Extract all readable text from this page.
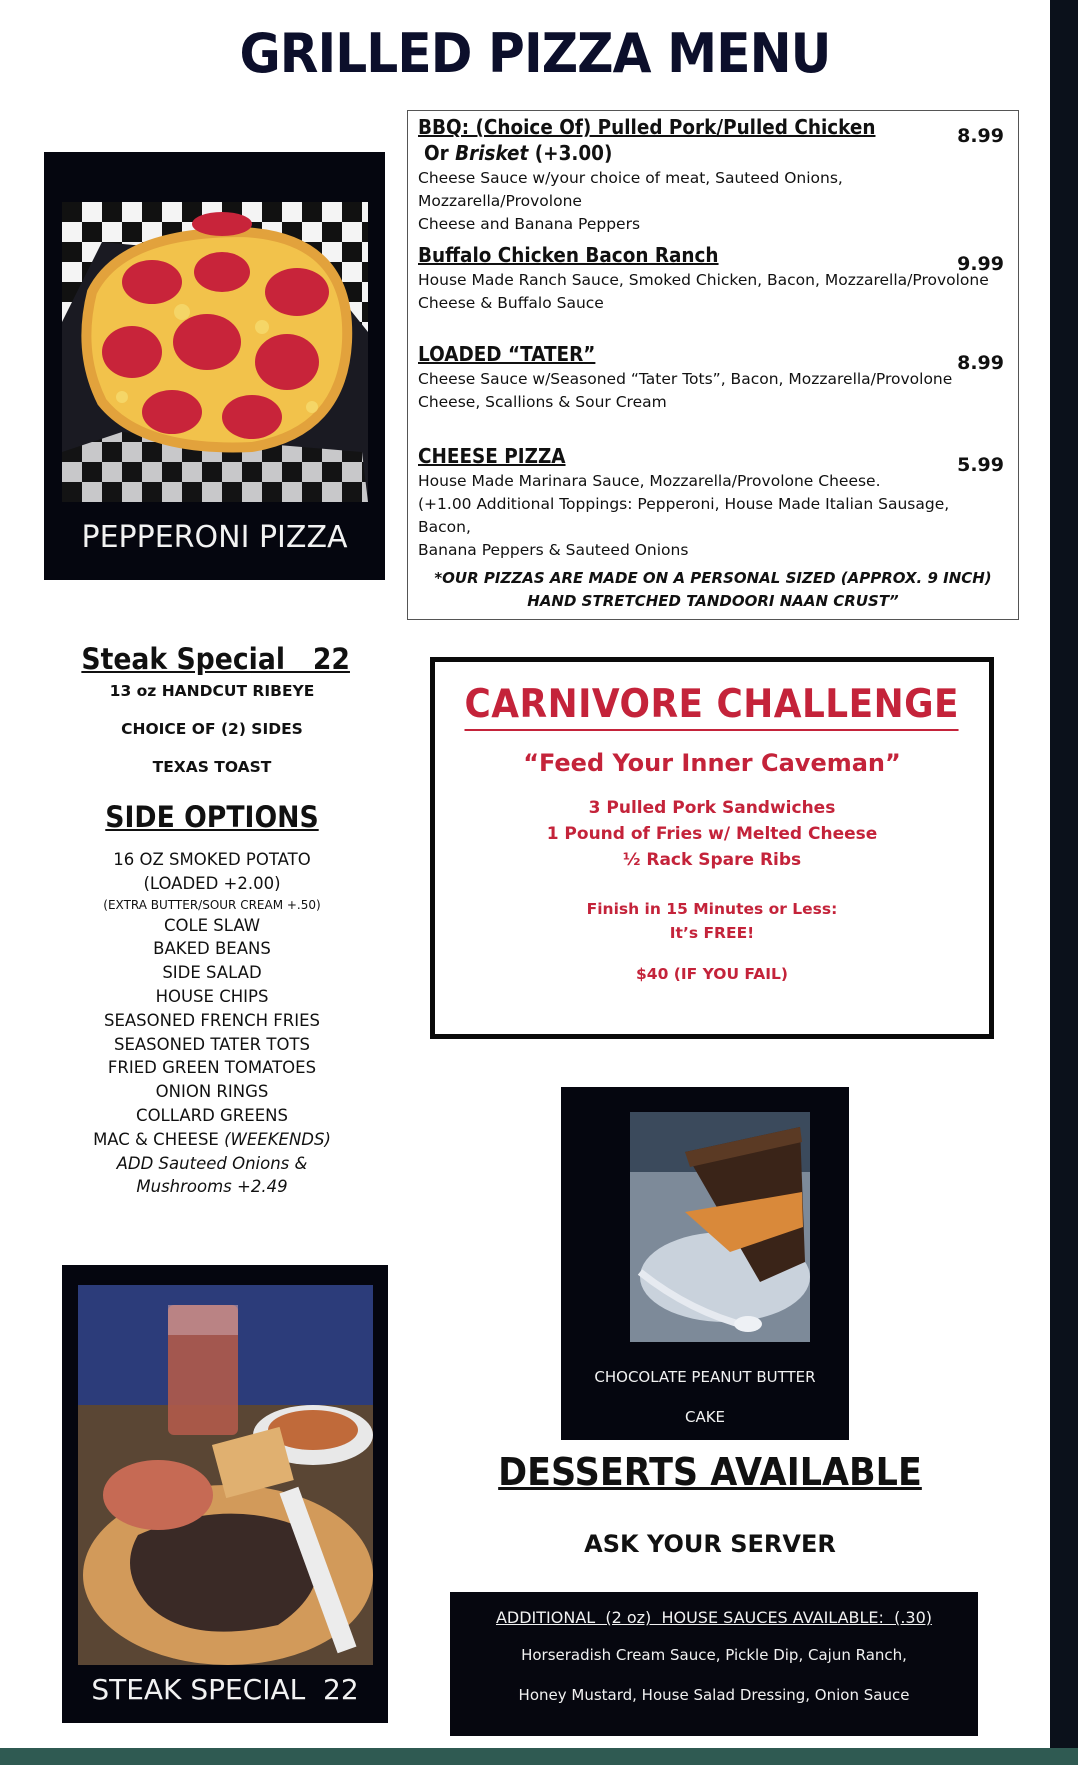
GRILLED PIZZA MENU
PEPPERONI PIZZA
BBQ: (Choice Of) Pulled Pork/Pulled Chicken
Or Brisket (+3.00)
8.99
Cheese Sauce w/your choice of meat, Sauteed Onions, Mozzarella/Provolone
Cheese and Banana Peppers
Buffalo Chicken Bacon Ranch	9.99
House Made Ranch Sauce, Smoked Chicken, Bacon, Mozzarella/Provolone
Cheese & Buffalo Sauce
LOADED “TATER”	8.99
Cheese Sauce w/Seasoned “Tater Tots”, Bacon, Mozzarella/Provolone
Cheese, Scallions & Sour Cream
CHEESE PIZZA	5.99
House Made Marinara Sauce, Mozzarella/Provolone Cheese.
(+1.00 Additional Toppings: Pepperoni, House Made Italian Sausage, Bacon,
Banana Peppers & Sauteed Onions
*OUR PIZZAS ARE MADE ON A PERSONAL SIZED (APPROX. 9 INCH)
HAND STRETCHED TANDOORI NAAN CRUST”
Steak Special   22
13 oz HANDCUT RIBEYE
CHOICE OF (2) SIDES
TEXAS TOAST
SIDE OPTIONS
16 OZ SMOKED POTATO
(LOADED +2.00)
(EXTRA BUTTER/SOUR CREAM +.50)
COLE SLAW
BAKED BEANS
SIDE SALAD
HOUSE CHIPS
SEASONED FRENCH FRIES
SEASONED TATER TOTS
FRIED GREEN TOMATOES
ONION RINGS
COLLARD GREENS
MAC & CHEESE (WEEKENDS)
ADD Sauteed Onions &
Mushrooms +2.49
CARNIVORE CHALLENGE
“Feed Your Inner Caveman”
3 Pulled Pork Sandwiches
1 Pound of Fries w/ Melted Cheese
½ Rack Spare Ribs
Finish in 15 Minutes or Less:
It’s FREE!
$40 (IF YOU FAIL)
CHOCOLATE PEANUT BUTTER
CAKE
DESSERTS AVAILABLE
ASK YOUR SERVER
STEAK SPECIAL  22
ADDITIONAL  (2 oz)  HOUSE SAUCES AVAILABLE:  (.30)
Horseradish Cream Sauce, Pickle Dip, Cajun Ranch,
Honey Mustard, House Salad Dressing, Onion Sauce
